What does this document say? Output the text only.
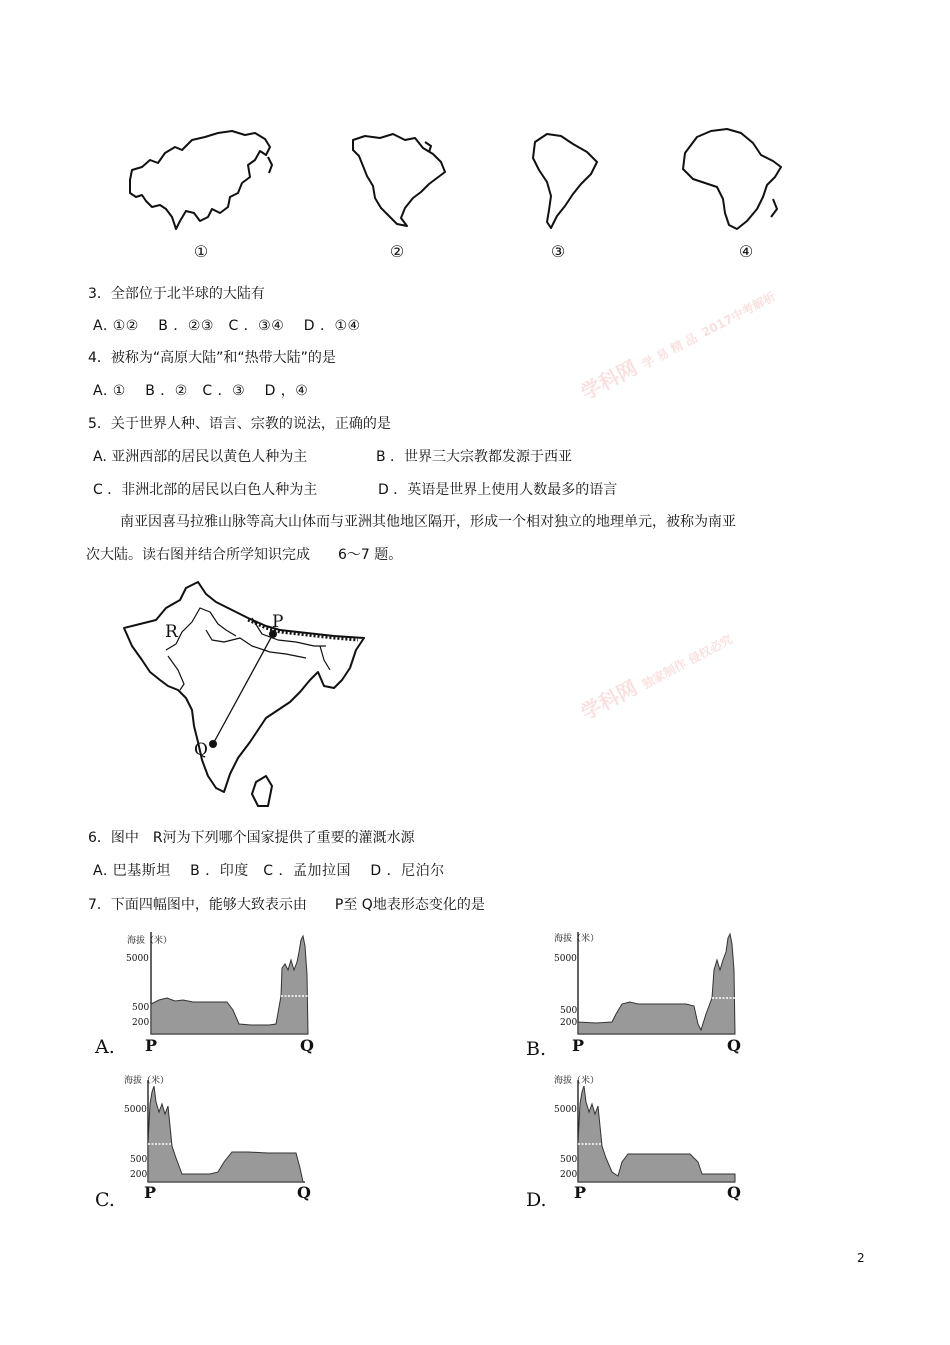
①	②	③	④
3．全部位于北半球的大陆有
A. ①②　 B ．②③　C ．③④　 D ．①④
4．被称为“高原大陆”和“热带大陆”的是
A. ①　 B ．②　C ．③　 D ，④
5．关于世界人种、语言、宗教的说法，正确的是
A. 亚洲西部的居民以黄色人种为主	B ．世界三大宗教都发源于西亚
C ．非洲北部的居民以白色人种为主	D ．英语是世界上使用人数最多的语言
南亚因喜马拉雅山脉等高大山体而与亚洲其他地区隔开，形成一个相对独立的地理单元，被称为南亚
次大陆。读右图并结合所学知识完成　　6～7 题。
R	P
Q
6．图中　R河为下列哪个国家提供了重要的灌溉水源
A. 巴基斯坦　 B ．印度　C ．孟加拉国　 D ．尼泊尔
7．下面四幅图中，能够大致表示由　　P至 Q地表形态变化的是
海拔（米）
5000
500
200
A. P	Q
海拔（米）
5000
500
200
B. P	Q
海拔（米）
5000
500
200
C. P	Q
海拔（米）
5000
500
200
D. P	Q
学科网 学 易 精 品 2017中考解析
学科网 独家制作 侵权必究
2
